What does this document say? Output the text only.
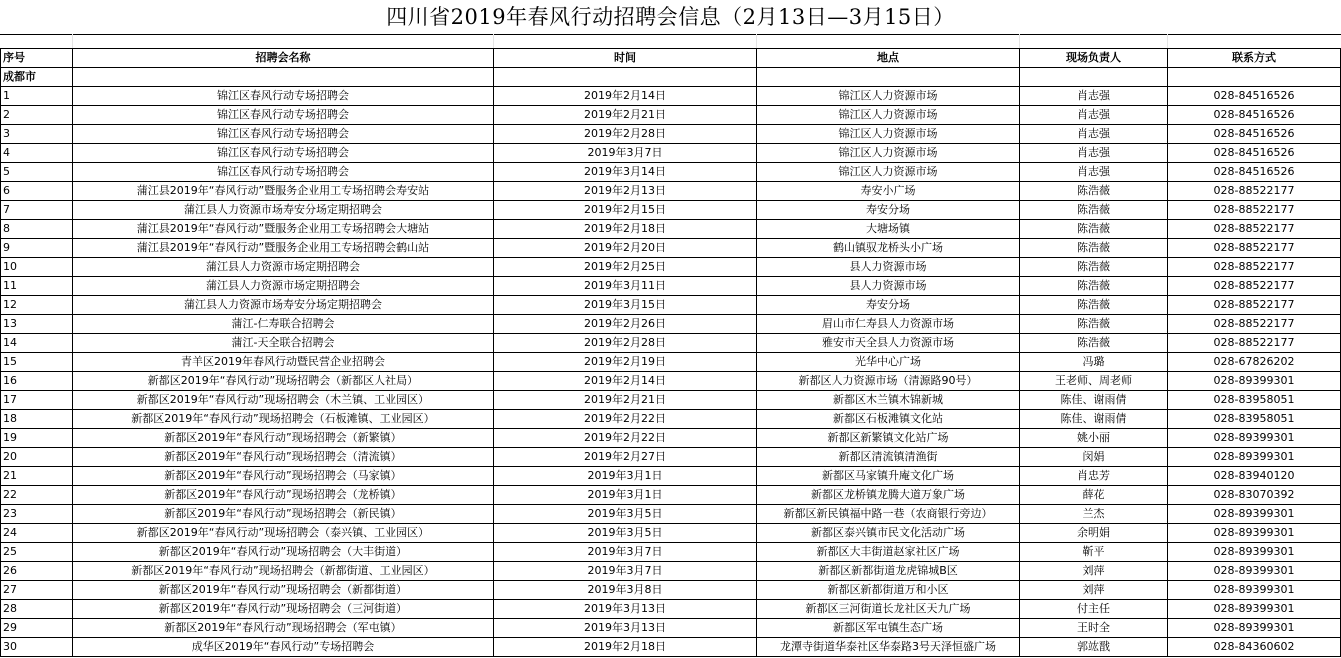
四川省2019年春风行动招聘会信息（2月13日—3月15日）
序号	招聘会名称	时间	地点	现场负责人	联系方式
成都市					
1	锦江区春风行动专场招聘会	2019年2月14日	锦江区人力资源市场	肖志强	028-84516526
2	锦江区春风行动专场招聘会	2019年2月21日	锦江区人力资源市场	肖志强	028-84516526
3	锦江区春风行动专场招聘会	2019年2月28日	锦江区人力资源市场	肖志强	028-84516526
4	锦江区春风行动专场招聘会	2019年3月7日	锦江区人力资源市场	肖志强	028-84516526
5	锦江区春风行动专场招聘会	2019年3月14日	锦江区人力资源市场	肖志强	028-84516526
6	蒲江县2019年“春风行动”暨服务企业用工专场招聘会寿安站	2019年2月13日	寿安小广场	陈浩薇	028-88522177
7	蒲江县人力资源市场寿安分场定期招聘会	2019年2月15日	寿安分场	陈浩薇	028-88522177
8	蒲江县2019年“春风行动”暨服务企业用工专场招聘会大塘站	2019年2月18日	大塘场镇	陈浩薇	028-88522177
9	蒲江县2019年“春风行动”暨服务企业用工专场招聘会鹤山站	2019年2月20日	鹤山镇驭龙桥头小广场	陈浩薇	028-88522177
10	蒲江县人力资源市场定期招聘会	2019年2月25日	县人力资源市场	陈浩薇	028-88522177
11	蒲江县人力资源市场定期招聘会	2019年3月11日	县人力资源市场	陈浩薇	028-88522177
12	蒲江县人力资源市场寿安分场定期招聘会	2019年3月15日	寿安分场	陈浩薇	028-88522177
13	蒲江-仁寿联合招聘会	2019年2月26日	眉山市仁寿县人力资源市场	陈浩薇	028-88522177
14	蒲江-天全联合招聘会	2019年2月28日	雅安市天全县人力资源市场	陈浩薇	028-88522177
15	青羊区2019年春风行动暨民营企业招聘会	2019年2月19日	光华中心广场	冯璐	028-67826202
16	新都区2019年“春风行动”现场招聘会（新都区人社局）	2019年2月14日	新都区人力资源市场（清源路90号）	王老师、周老师	028-89399301
17	新都区2019年“春风行动”现场招聘会（木兰镇、工业园区）	2019年2月21日	新都区木兰镇木锦新城	陈佳、谢雨倩	028-83958051
18	新都区2019年“春风行动”现场招聘会（石板滩镇、工业园区）	2019年2月22日	新都区石板滩镇文化站	陈佳、谢雨倩	028-83958051
19	新都区2019年“春风行动”现场招聘会（新繁镇）	2019年2月22日	新都区新繁镇文化站广场	姚小丽	028-89399301
20	新都区2019年“春风行动”现场招聘会（清流镇）	2019年2月27日	新都区清流镇清渔街	闵娟	028-89399301
21	新都区2019年“春风行动”现场招聘会（马家镇）	2019年3月1日	新都区马家镇升庵文化广场	肖忠芳	028-83940120
22	新都区2019年“春风行动”现场招聘会（龙桥镇）	2019年3月1日	新都区龙桥镇龙腾大道万象广场	薛花	028-83070392
23	新都区2019年“春风行动”现场招聘会（新民镇）	2019年3月5日	新都区新民镇福中路一巷（农商银行旁边）	兰杰	028-89399301
24	新都区2019年“春风行动”现场招聘会（泰兴镇、工业园区）	2019年3月5日	新都区泰兴镇市民文化活动广场	余明娟	028-89399301
25	新都区2019年“春风行动”现场招聘会（大丰街道）	2019年3月7日	新都区大丰街道赵家社区广场	靳平	028-89399301
26	新都区2019年“春风行动”现场招聘会（新都街道、工业园区）	2019年3月7日	新都区新都街道龙虎锦城B区	刘萍	028-89399301
27	新都区2019年“春风行动”现场招聘会（新都街道）	2019年3月8日	新都区新都街道万和小区	刘萍	028-89399301
28	新都区2019年“春风行动”现场招聘会（三河街道）	2019年3月13日	新都区三河街道长龙社区天九广场	付主任	028-89399301
29	新都区2019年“春风行动”现场招聘会（军屯镇）	2019年3月13日	新都区军屯镇生态广场	王时全	028-89399301
30	成华区2019年“春风行动”专场招聘会	2019年2月18日	龙潭寺街道华泰社区华泰路3号天泽恒盛广场	郭竑戬	028-84360602
